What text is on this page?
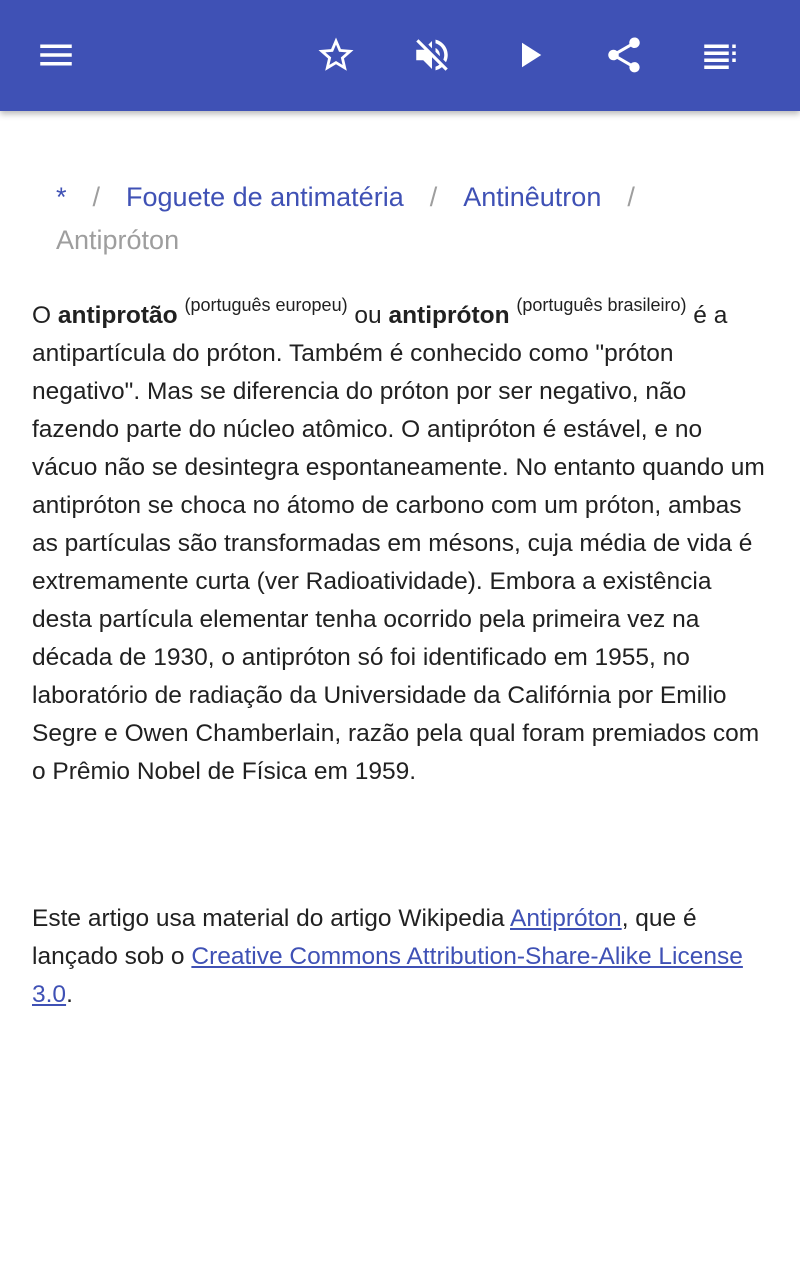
* / Foguete de antimatéria / Antinêutron /
Antipróton

O antiprotão $^{(português europeu)}$ ou antipróton $^{(português brasileiro)}$ é a antipartícula do próton. Também é conhecido como "próton negativo". Mas se diferencia do próton por ser negativo, não fazendo parte do núcleo atômico. O antipróton é estável, e no vácuo não se desintegra espontaneamente. No entanto quando um antipróton se choca no átomo de carbono com um próton, ambas as partículas são transformadas em mésons, cuja média de vida é extremamente curta (ver Radioatividade). Embora a existência desta partícula elementar tenha ocorrido pela primeira vez na década de 1930, o antipróton só foi identificado em 1955, no laboratório de radiação da Universidade da Califórnia por Emilio Segre e Owen Chamberlain, razão pela qual foram premiados com o Prêmio Nobel de Física em 1959.

Este artigo usa material do artigo Wikipedia Antipróton, que é lançado sob o Creative Commons Attribution-Share-Alike License 3.0.
